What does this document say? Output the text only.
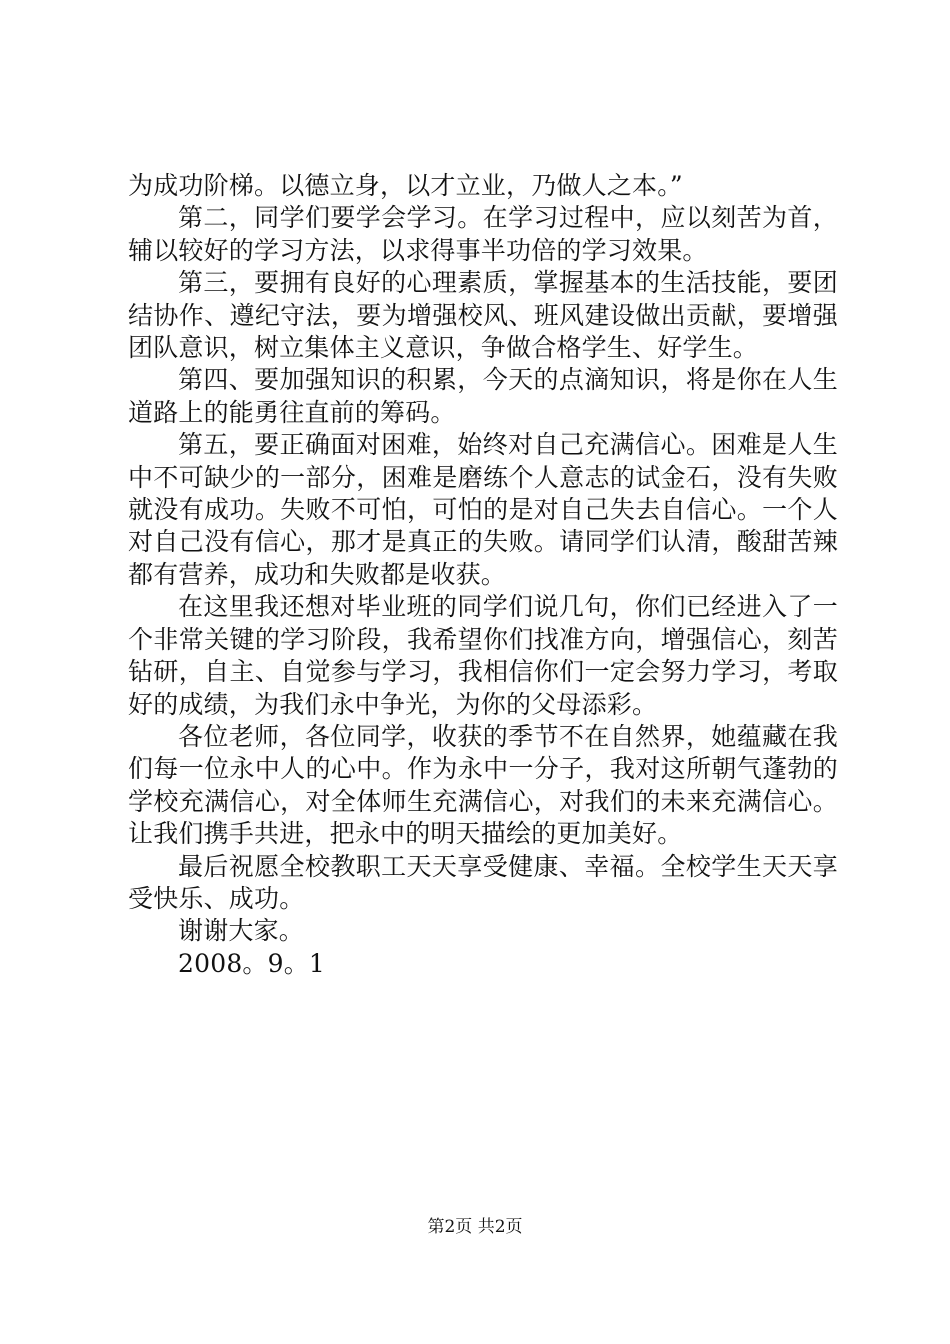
为成功阶梯。以德立身，以才立业，乃做人之本。”

第二，同学们要学会学习。在学习过程中，应以刻苦为首，辅以较好的学习方法，以求得事半功倍的学习效果。

第三，要拥有良好的心理素质，掌握基本的生活技能，要团结协作、遵纪守法，要为增强校风、班风建设做出贡献，要增强团队意识，树立集体主义意识，争做合格学生、好学生。

第四、要加强知识的积累，今天的点滴知识，将是你在人生道路上的能勇往直前的筹码。

第五，要正确面对困难，始终对自己充满信心。困难是人生中不可缺少的一部分，困难是磨练个人意志的试金石，没有失败就没有成功。失败不可怕，可怕的是对自己失去自信心。一个人对自己没有信心，那才是真正的失败。请同学们认清，酸甜苦辣都有营养，成功和失败都是收获。

在这里我还想对毕业班的同学们说几句，你们已经进入了一个非常关键的学习阶段，我希望你们找准方向，增强信心，刻苦钻研，自主、自觉参与学习，我相信你们一定会努力学习，考取好的成绩，为我们永中争光，为你的父母添彩。

各位老师，各位同学，收获的季节不在自然界，她蕴藏在我们每一位永中人的心中。作为永中一分子，我对这所朝气蓬勃的学校充满信心，对全体师生充满信心，对我们的未来充满信心。让我们携手共进，把永中的明天描绘的更加美好。

最后祝愿全校教职工天天享受健康、幸福。全校学生天天享受快乐、成功。

谢谢大家。

2008。9。1

第2页 共2页
